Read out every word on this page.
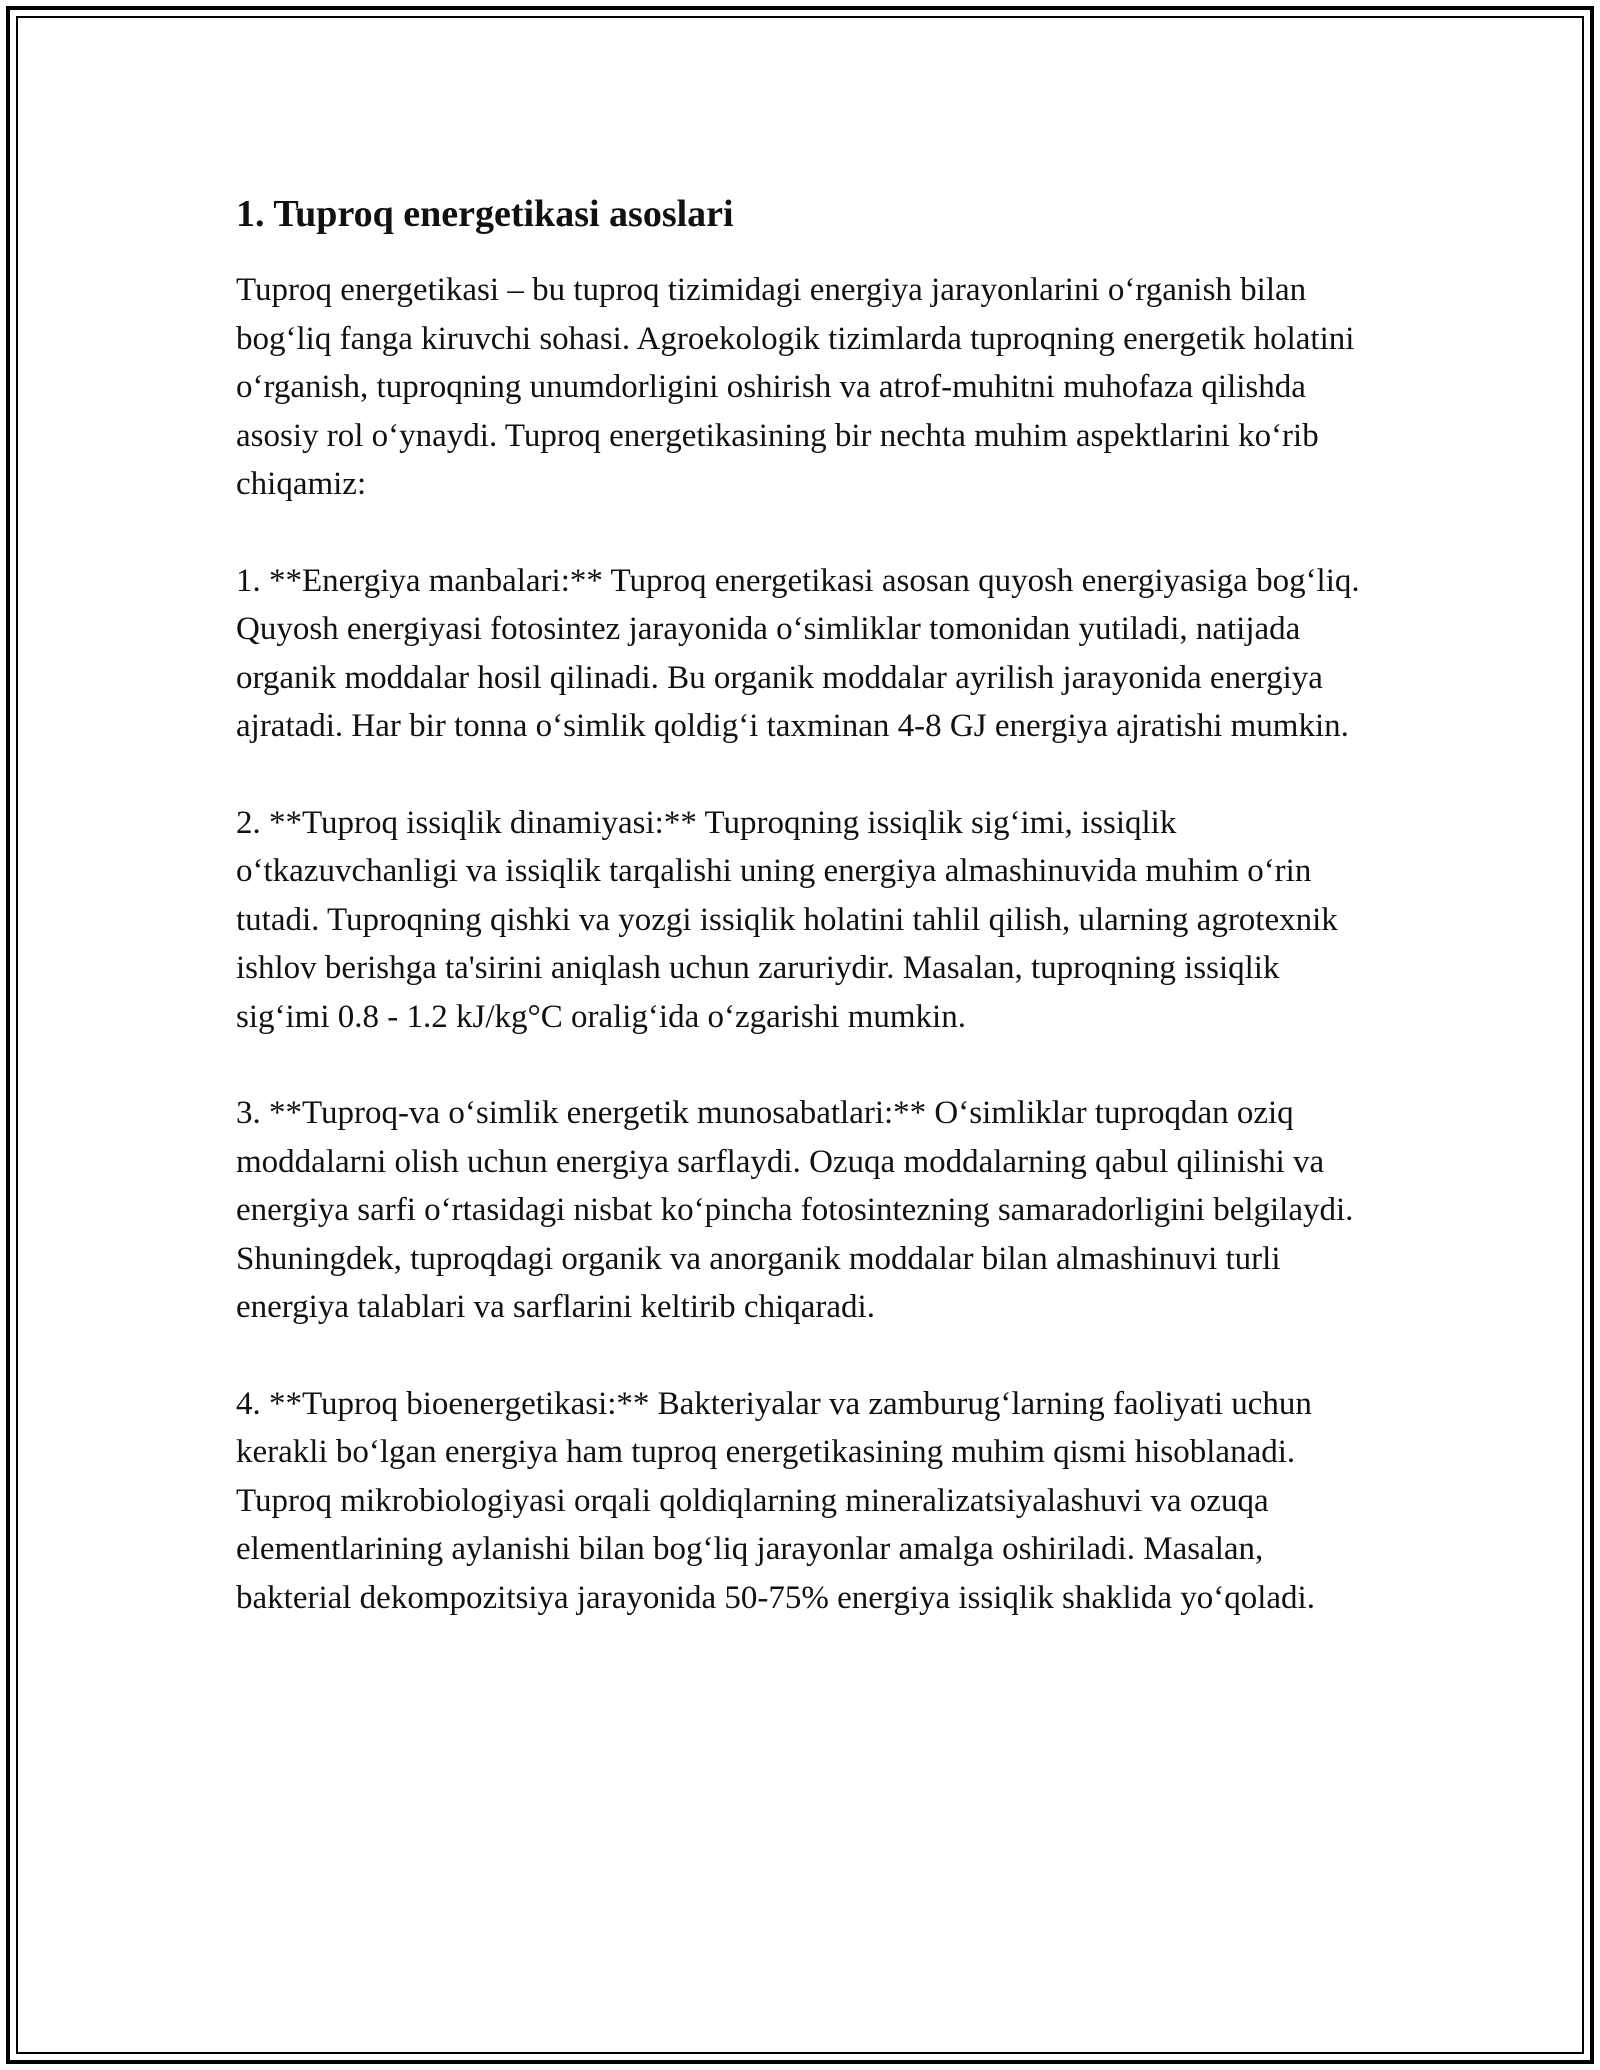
1. Tuproq energetikasi asoslari

Tuproq energetikasi – bu tuproq tizimidagi energiya jarayonlarini o‘rganish bilan bog‘liq fanga kiruvchi sohasi. Agroekologik tizimlarda tuproqning energetik holatini o‘rganish, tuproqning unumdorligini oshirish va atrof-muhitni muhofaza qilishda asosiy rol o‘ynaydi. Tuproq energetikasining bir nechta muhim aspektlarini ko‘rib chiqamiz:

1. **Energiya manbalari:** Tuproq energetikasi asosan quyosh energiyasiga bog‘liq. Quyosh energiyasi fotosintez jarayonida o‘simliklar tomonidan yutiladi, natijada organik moddalar hosil qilinadi. Bu organik moddalar ayrilish jarayonida energiya ajratadi. Har bir tonna o‘simlik qoldig‘i taxminan 4-8 GJ energiya ajratishi mumkin.

2. **Tuproq issiqlik dinamiyasi:** Tuproqning issiqlik sig‘imi, issiqlik o‘tkazuvchanligi va issiqlik tarqalishi uning energiya almashinuvida muhim o‘rin tutadi. Tuproqning qishki va yozgi issiqlik holatini tahlil qilish, ularning agrotexnik ishlov berishga ta'sirini aniqlash uchun zaruriydir. Masalan, tuproqning issiqlik sig‘imi 0.8 - 1.2 kJ/kg°C oralig‘ida o‘zgarishi mumkin.

3. **Tuproq-va o‘simlik energetik munosabatlari:** O‘simliklar tuproqdan oziq moddalarni olish uchun energiya sarflaydi. Ozuqa moddalarning qabul qilinishi va energiya sarfi o‘rtasidagi nisbat ko‘pincha fotosintezning samaradorligini belgilaydi. Shuningdek, tuproqdagi organik va anorganik moddalar bilan almashinuvi turli energiya talablari va sarflarini keltirib chiqaradi.

4. **Tuproq bioenergetikasi:** Bakteriyalar va zamburug‘larning faoliyati uchun kerakli bo‘lgan energiya ham tuproq energetikasining muhim qismi hisoblanadi. Tuproq mikrobiologiyasi orqali qoldiqlarning mineralizatsiyalashuvi va ozuqa elementlarining aylanishi bilan bog‘liq jarayonlar amalga oshiriladi. Masalan, bakterial dekompozitsiya jarayonida 50-75% energiya issiqlik shaklida yo‘qoladi.
